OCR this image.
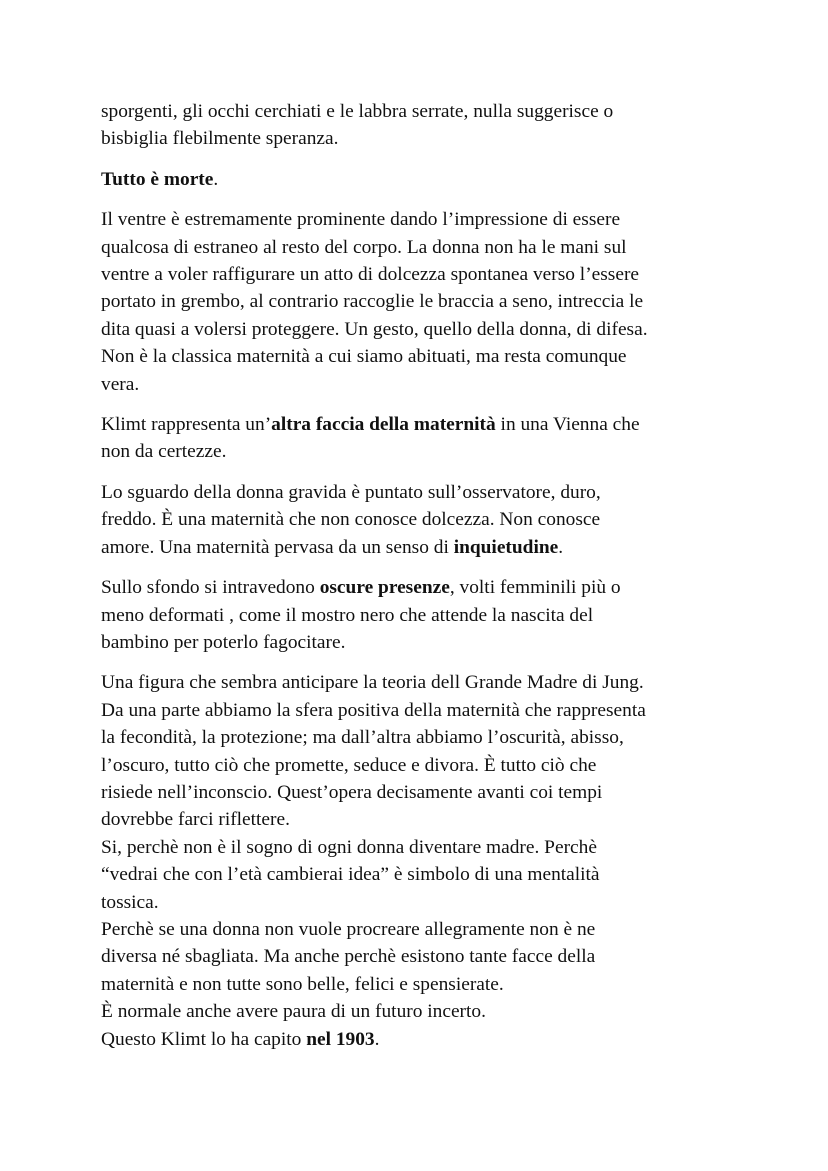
sporgenti, gli occhi cerchiati e le labbra serrate, nulla suggerisce o
bisbiglia flebilmente speranza.

Tutto è morte.

Il ventre è estremamente prominente dando l’impressione di essere
qualcosa di estraneo al resto del corpo. La donna non ha le mani sul
ventre a voler raffigurare un atto di dolcezza spontanea verso l’essere
portato in grembo, al contrario raccoglie le braccia a seno, intreccia le
dita quasi a volersi proteggere. Un gesto, quello della donna, di difesa.
Non è la classica maternità a cui siamo abituati, ma resta comunque
vera.

Klimt rappresenta un’altra faccia della maternità in una Vienna che
non da certezze.

Lo sguardo della donna gravida è puntato sull’osservatore, duro,
freddo. È una maternità che non conosce dolcezza. Non conosce
amore. Una maternità pervasa da un senso di inquietudine.

Sullo sfondo si intravedono oscure presenze, volti femminili più o
meno deformati , come il mostro nero che attende la nascita del
bambino per poterlo fagocitare.

Una figura che sembra anticipare la teoria dell Grande Madre di Jung.
Da una parte abbiamo la sfera positiva della maternità che rappresenta
la fecondità, la protezione; ma dall’altra abbiamo l’oscurità, abisso,
l’oscuro, tutto ciò che promette, seduce e divora. È tutto ciò che
risiede nell’inconscio. Quest’opera decisamente avanti coi tempi
dovrebbe farci riflettere.
Si, perchè non è il sogno di ogni donna diventare madre. Perchè
“vedrai che con l’età cambierai idea” è simbolo di una mentalità
tossica.
Perchè se una donna non vuole procreare allegramente non è ne
diversa né sbagliata. Ma anche perchè esistono tante facce della
maternità e non tutte sono belle, felici e spensierate.
È normale anche avere paura di un futuro incerto.
Questo Klimt lo ha capito nel 1903.
